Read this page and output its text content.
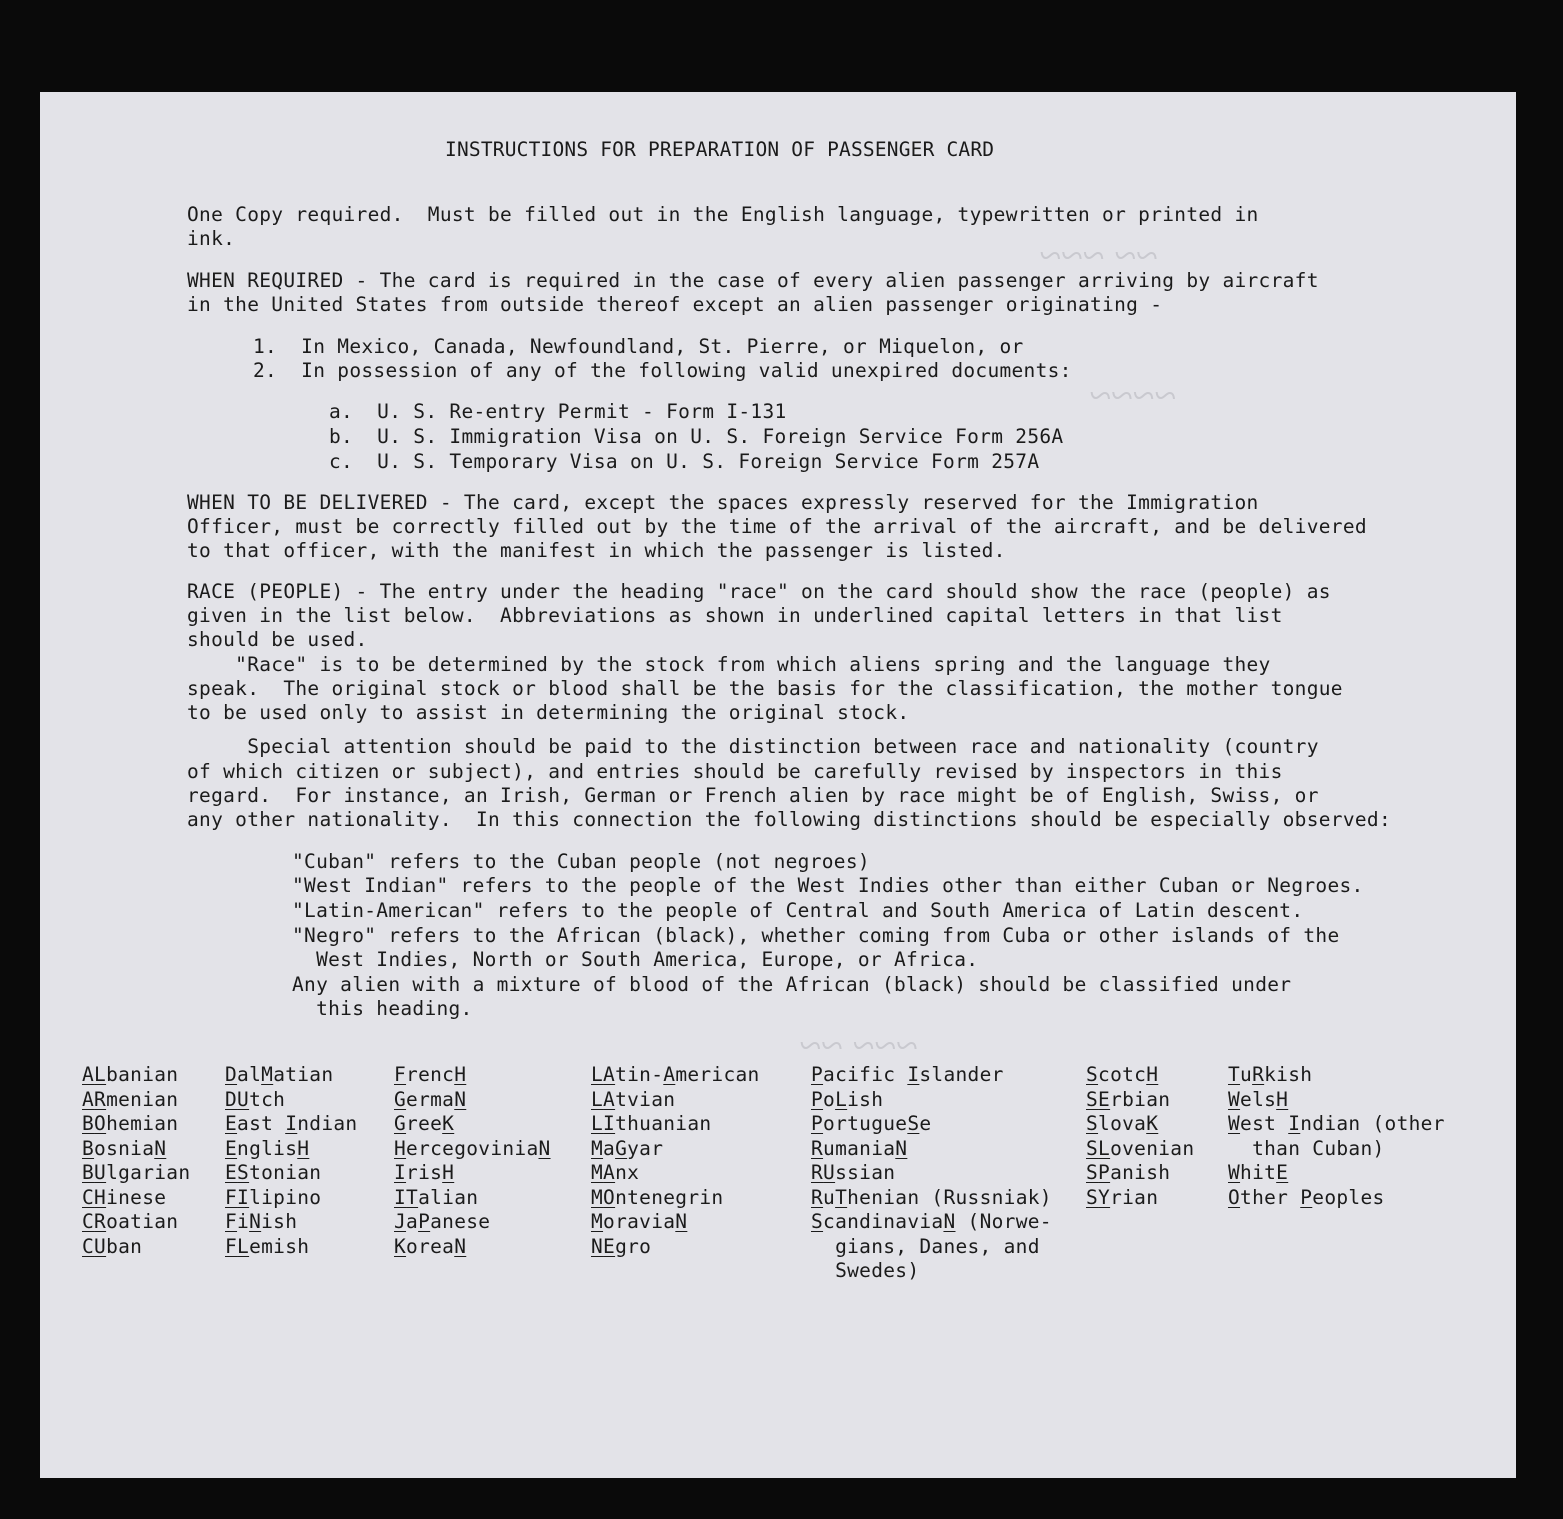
~~ ~~~
~~~~
~~~ ~~
INSTRUCTIONS FOR PREPARATION OF PASSENGER CARD
One Copy required.  Must be filled out in the English language, typewritten or printed in
ink.
WHEN REQUIRED - The card is required in the case of every alien passenger arriving by aircraft
in the United States from outside thereof except an alien passenger originating -
1.  In Mexico, Canada, Newfoundland, St. Pierre, or Miquelon, or
2.  In possession of any of the following valid unexpired documents:
a.  U. S. Re-entry Permit - Form I-131
b.  U. S. Immigration Visa on U. S. Foreign Service Form 256A
c.  U. S. Temporary Visa on U. S. Foreign Service Form 257A
WHEN TO BE DELIVERED - The card, except the spaces expressly reserved for the Immigration
Officer, must be correctly filled out by the time of the arrival of the aircraft, and be delivered
to that officer, with the manifest in which the passenger is listed.
RACE (PEOPLE) - The entry under the heading "race" on the card should show the race (people) as
given in the list below.  Abbreviations as shown in underlined capital letters in that list
should be used.
"Race" is to be determined by the stock from which aliens spring and the language they
speak.  The original stock or blood shall be the basis for the classification, the mother tongue
to be used only to assist in determining the original stock.
Special attention should be paid to the distinction between race and nationality (country
of which citizen or subject), and entries should be carefully revised by inspectors in this
regard.  For instance, an Irish, German or French alien by race might be of English, Swiss, or
any other nationality.  In this connection the following distinctions should be especially observed:
"Cuban" refers to the Cuban people (not negroes)
"West Indian" refers to the people of the West Indies other than either Cuban or Negroes.
"Latin-American" refers to the people of Central and South America of Latin descent.
"Negro" refers to the African (black), whether coming from Cuba or other islands of the
West Indies, North or South America, Europe, or Africa.
Any alien with a mixture of blood of the African (black) should be classified under
this heading.
ALbanian
ARmenian
BOhemian
BosniaN
BUlgarian
CHinese
CRoatian
CUban
DalMatian
DUtch
East Indian
EnglisH
EStonian
FIlipino
FiNish
FLemish
FrencH
GermaN
GreeK
HercegoviniaN
IrisH
ITalian
JaPanese
KoreaN
LAtin-American
LAtvian
LIthuanian
MaGyar
MAnx
MOntenegrin
MoraviaN
NEgro
Pacific Islander
PoLish
PortugueSe
RumaniaN
RUssian
RuThenian (Russniak)
ScandinaviaN (Norwe-
gians, Danes, and
Swedes)
ScotcH
SErbian
SlovaK
SLovenian
SPanish
SYrian
TuRkish
WelsH
West Indian (other
than Cuban)
WhitE
Other Peoples
